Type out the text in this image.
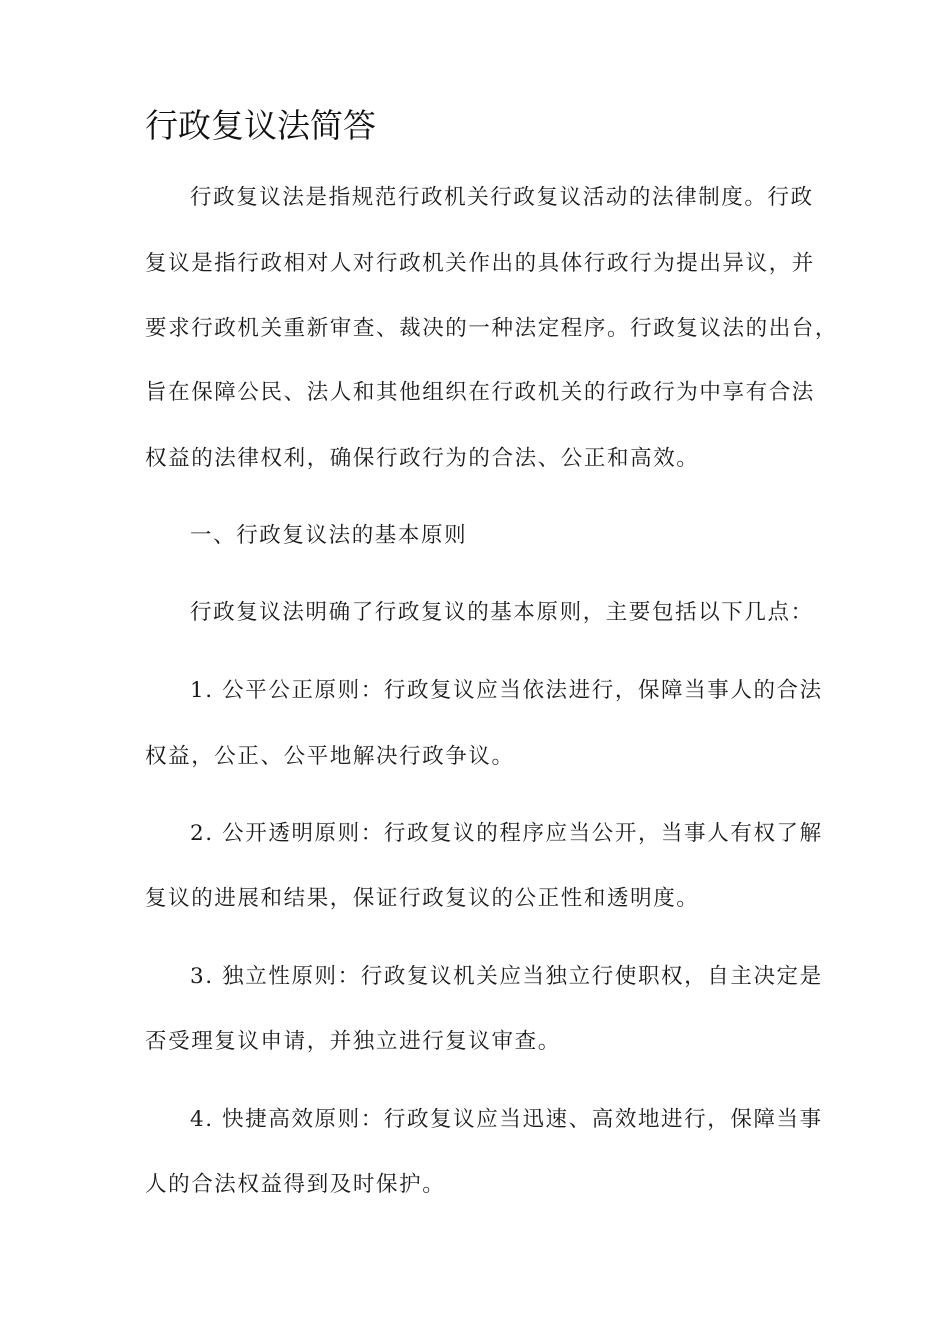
行政复议法简答

行政复议法是指规范行政机关行政复议活动的法律制度。行政

复议是指行政相对人对行政机关作出的具体行政行为提出异议，并

要求行政机关重新审查、裁决的一种法定程序。行政复议法的出台，

旨在保障公民、法人和其他组织在行政机关的行政行为中享有合法

权益的法律权利，确保行政行为的合法、公正和高效。

一、行政复议法的基本原则

行政复议法明确了行政复议的基本原则，主要包括以下几点：

1. 公平公正原则：行政复议应当依法进行，保障当事人的合法

权益，公正、公平地解决行政争议。

2. 公开透明原则：行政复议的程序应当公开，当事人有权了解

复议的进展和结果，保证行政复议的公正性和透明度。

3. 独立性原则：行政复议机关应当独立行使职权，自主决定是

否受理复议申请，并独立进行复议审查。

4. 快捷高效原则：行政复议应当迅速、高效地进行，保障当事

人的合法权益得到及时保护。
